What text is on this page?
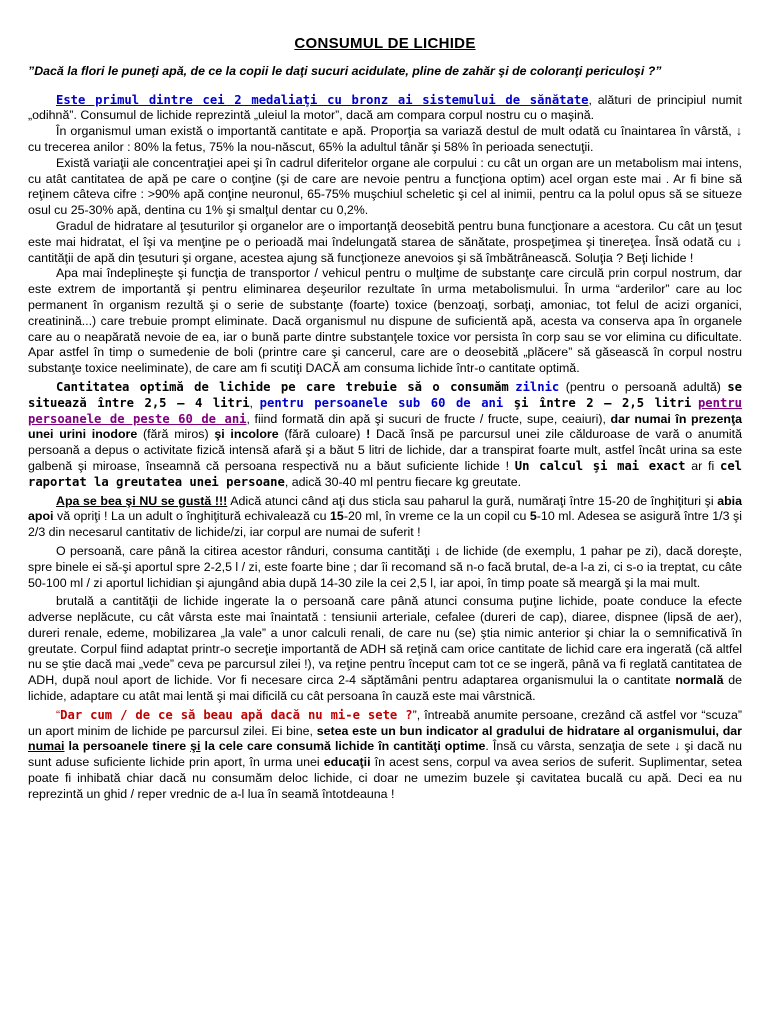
CONSUMUL DE LICHIDE
”Dacă la flori le puneţi apă, de ce la copii le daţi sucuri acidulate, pline de zahăr şi de coloranţi periculoşi ?”

Este primul dintre cei 2 medaliaţi cu bronz ai sistemului de sănătate, alături de principiul numit „odihnă”. Consumul de lichide reprezintă „uleiul la motor”, dacă am compara corpul nostru cu o maşină.

În organismul uman există o importantă cantitate e apă. Proporţia sa variază destul de mult odată cu înaintarea în vârstă, ↓ cu trecerea anilor : 80% la fetus, 75% la nou-născut, 65% la adultul tânăr şi 58% în perioada senectuţii.

Există variaţii ale concentraţiei apei şi în cadrul diferitelor organe ale corpului : cu cât un organ are un metabolism mai intens, cu atât cantitatea de apă pe care o conţine (şi de care are nevoie pentru a funcţiona optim) acel organ este mai . Ar fi bine să reţinem câteva cifre : >90% apă conţine neuronul, 65-75% muşchiul scheletic şi cel al inimii, pentru ca la polul opus să se situeze osul cu 25-30% apă, dentina cu 1% şi smalţul dentar cu 0,2%.

Gradul de hidratare al ţesuturilor şi organelor are o importanţă deosebită pentru buna funcţionare a acestora. Cu cât un ţesut este mai hidratat, el îşi va menţine pe o perioadă mai îndelungată starea de sănătate, prospeţimea şi tinereţea. Însă odată cu ↓ cantităţii de apă din ţesuturi şi organe, acestea ajung să funcţioneze anevoios şi să îmbătrânească. Soluţia ? Beţi lichide !

Apa mai îndeplineşte şi funcţia de transportor / vehicul pentru o mulţime de substanţe care circulă prin corpul nostrum, dar este extrem de importantă şi pentru eliminarea deşeurilor rezultate în urma metabolismului. În urma “arderilor” care au loc permanent în organism rezultă şi o serie de substanţe (foarte) toxice (benzoaţi, sorbaţi, amoniac, tot felul de acizi organici, creatinină...) care trebuie prompt eliminate. Dacă organismul nu dispune de suficientă apă, acesta va conserva apa în organele care au o neapărată nevoie de ea, iar o bună parte dintre substanţele toxice vor persista în corp sau se vor elimina cu dificultate. Apar astfel în timp o sumedenie de boli (printre care şi cancerul, care are o deosebită „plăcere” să găsească în corpul nostru substanţe toxice neeliminate), de care am fi scutiţi DACĂ am consuma lichide într-o cantitate optimă.

Cantitatea optimă de lichide pe care trebuie să o consumăm zilnic (pentru o persoană adultă) se situează între 2,5 – 4 litri, pentru persoanele sub 60 de ani şi între 2 – 2,5 litri pentru persoanele de peste 60 de ani, fiind formată din apă şi sucuri de fructe / fructe, supe, ceaiuri), dar numai în prezenţa unei urini inodore (fără miros) şi incolore (fără culoare) ! Dacă însă pe parcursul unei zile călduroase de vară o anumită persoană a depus o activitate fizică intensă afară şi a băut 5 litri de lichide, dar a transpirat foarte mult, astfel încât urina sa este galbenă şi miroase, înseamnă că persoana respectivă nu a băut suficiente lichide ! Un calcul şi mai exact ar fi cel raportat la greutatea unei persoane, adică 30-40 ml pentru fiecare kg greutate.

Apa se bea şi NU se gustă !!! Adică atunci când aţi dus sticla sau paharul la gură, număraţi între 15-20 de înghiţituri şi abia apoi vă opriţi ! La un adult o înghiţitură echivalează cu 15-20 ml, în vreme ce la un copil cu 5-10 ml. Adesea se asigură între 1/3 şi 2/3 din necesarul cantitativ de lichide/zi, iar corpul are numai de suferit !

O persoană, care până la citirea acestor rânduri, consuma cantităţi ↓ de lichide (de exemplu, 1 pahar pe zi), dacă doreşte, spre binele ei să-şi aportul spre 2-2,5 l / zi, este foarte bine ; dar îi recomand să n-o facă brutal, de-a l-a zi, ci s-o ia treptat, cu câte 50-100 ml / zi aportul lichidian şi ajungând abia după 14-30 zile la cei 2,5 l, iar apoi, în timp poate să meargă şi la mai mult.

brutală a cantităţii de lichide ingerate la o persoană care până atunci consuma puţine lichide, poate conduce la efecte adverse neplăcute, cu cât vârsta este mai înaintată : tensiunii arteriale, cefalee (dureri de cap), diaree, dispnee (lipsă de aer), dureri renale, edeme, mobilizarea „la vale” a unor calculi renali, de care nu (se) ştia nimic anterior şi chiar la o semnificativă în greutate. Corpul fiind adaptat printr-o secreţie importantă de ADH să reţină cam orice cantitate de lichid care era ingerată (că altfel nu se ştie dacă mai „vede” ceva pe parcursul zilei !), va reţine pentru început cam tot ce se ingeră, până va fi reglată cantitatea de ADH, după noul aport de lichide. Vor fi necesare circa 2-4 săptămâni pentru adaptarea organismului la o cantitate normală de lichide, adaptare cu atât mai lentă şi mai dificilă cu cât persoana în cauză este mai vârstnică.

“Dar cum / de ce să beau apă dacă nu mi-e sete ?”, întreabă anumite persoane, crezând că astfel vor “scuza” un aport minim de lichide pe parcursul zilei. Ei bine, setea este un bun indicator al gradului de hidratare al organismului, dar numai la persoanele tinere şi la cele care consumă lichide în cantităţi optime. Însă cu vârsta, senzaţia de sete ↓ şi dacă nu sunt aduse suficiente lichide prin aport, în urma unei educaţii în acest sens, corpul va avea serios de suferit. Suplimentar, setea poate fi inhibată chiar dacă nu consumăm deloc lichide, ci doar ne umezim buzele şi cavitatea bucală cu apă. Deci ea nu reprezintă un ghid / reper vrednic de a-l lua în seamă întotdeauna !
